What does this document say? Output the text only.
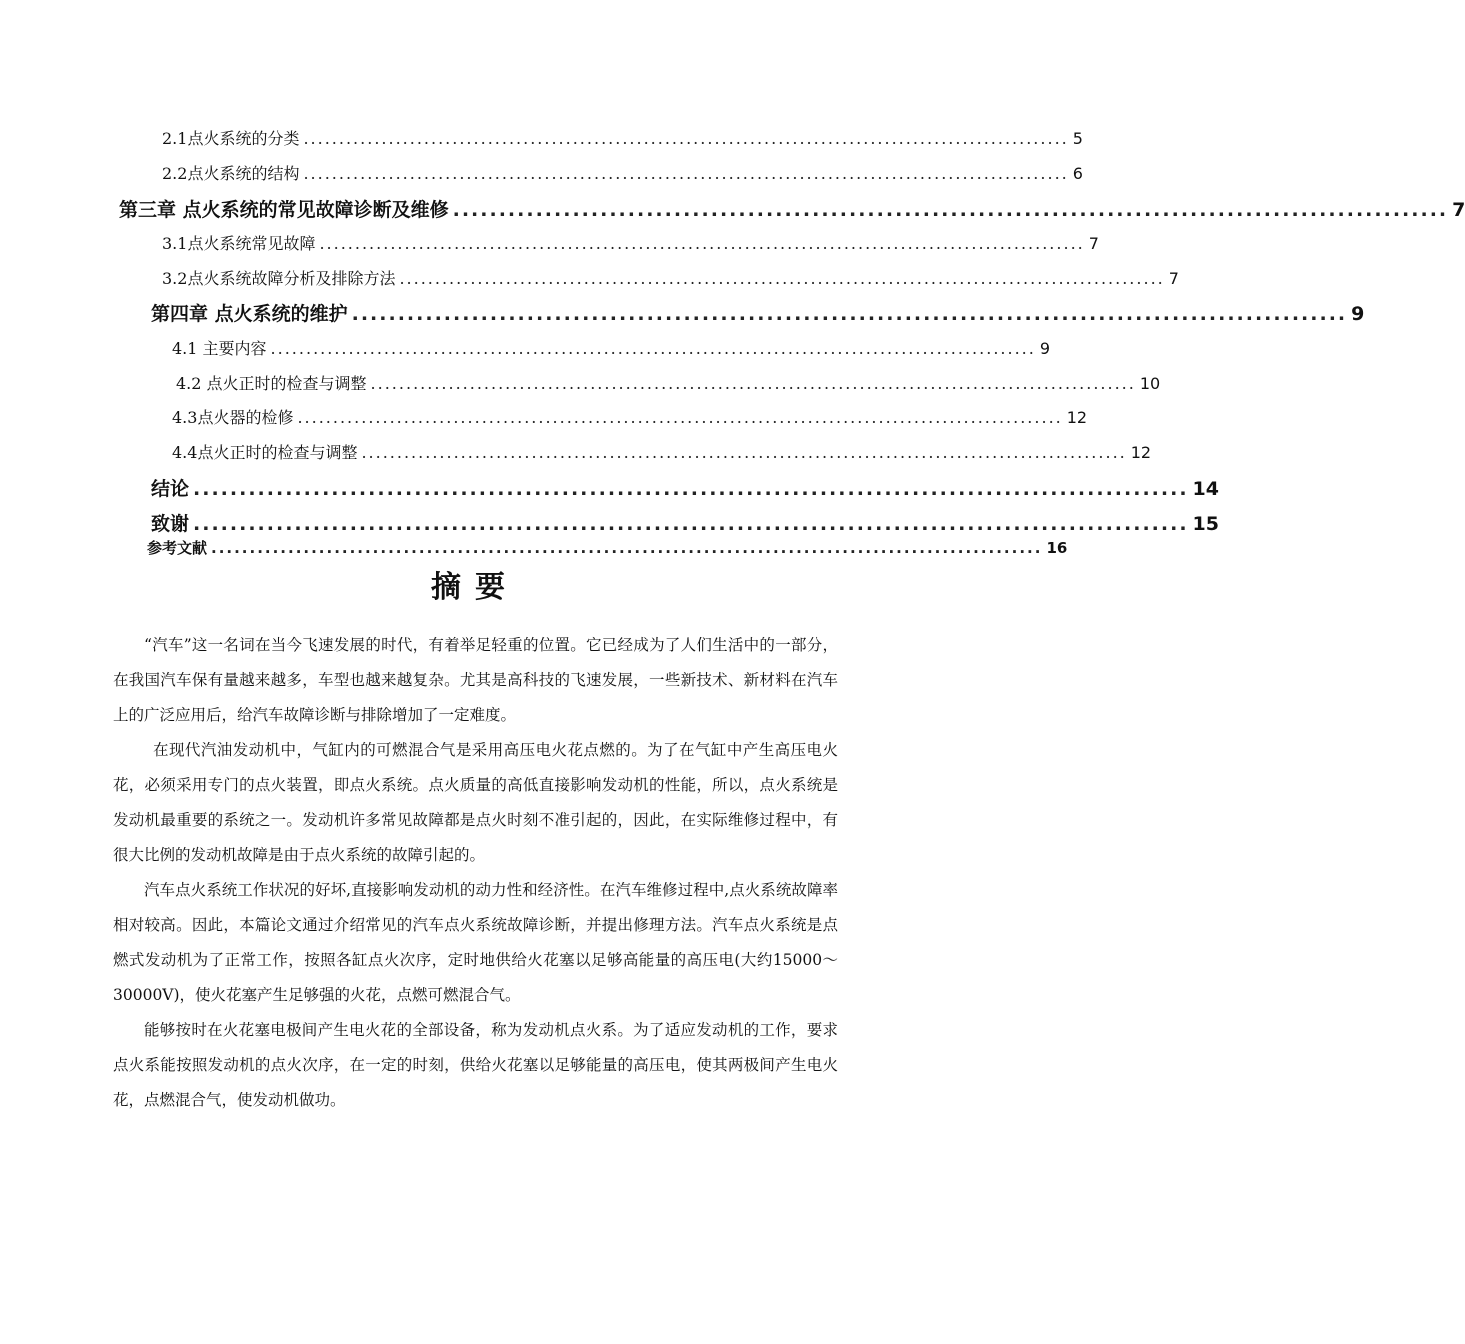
2.1点火系统的分类 ............................................................................................................ 5
2.2点火系统的结构 ............................................................................................................ 6
第三章 点火系统的常见故障诊断及维修 ............................................................................................................ 7
3.1点火系统常见故障 ............................................................................................................ 7
3.2点火系统故障分析及排除方法 ............................................................................................................ 7
第四章 点火系统的维护 ............................................................................................................ 9
4.1 主要内容 ............................................................................................................ 9
4.2 点火正时的检查与调整 ............................................................................................................ 10
4.3点火器的检修 ............................................................................................................ 12
4.4点火正时的检查与调整 ............................................................................................................ 12
结论 ............................................................................................................ 14
致谢 ............................................................................................................ 15
参考文献 ............................................................................................................ 16
摘要

“汽车”这一名词在当今飞速发展的时代，有着举足轻重的位置。它已经成为了人们生活中的一部分，在我国汽车保有量越来越多，车型也越来越复杂。尤其是高科技的飞速发展，一些新技术、新材料在汽车上的广泛应用后，给汽车故障诊断与排除增加了一定难度。

在现代汽油发动机中，气缸内的可燃混合气是采用高压电火花点燃的。为了在气缸中产生高压电火花，必须采用专门的点火装置，即点火系统。点火质量的高低直接影响发动机的性能，所以，点火系统是发动机最重要的系统之一。发动机许多常见故障都是点火时刻不准引起的，因此，在实际维修过程中，有很大比例的发动机故障是由于点火系统的故障引起的。

汽车点火系统工作状况的好坏,直接影响发动机的动力性和经济性。在汽车维修过程中,点火系统故障率相对较高。因此，本篇论文通过介绍常见的汽车点火系统故障诊断，并提出修理方法。汽车点火系统是点燃式发动机为了正常工作，按照各缸点火次序，定时地供给火花塞以足够高能量的高压电(大约15000～30000V)，使火花塞产生足够强的火花，点燃可燃混合气。

能够按时在火花塞电极间产生电火花的全部设备，称为发动机点火系。为了适应发动机的工作，要求点火系能按照发动机的点火次序，在一定的时刻，供给火花塞以足够能量的高压电，使其两极间产生电火花，点燃混合气，使发动机做功。
